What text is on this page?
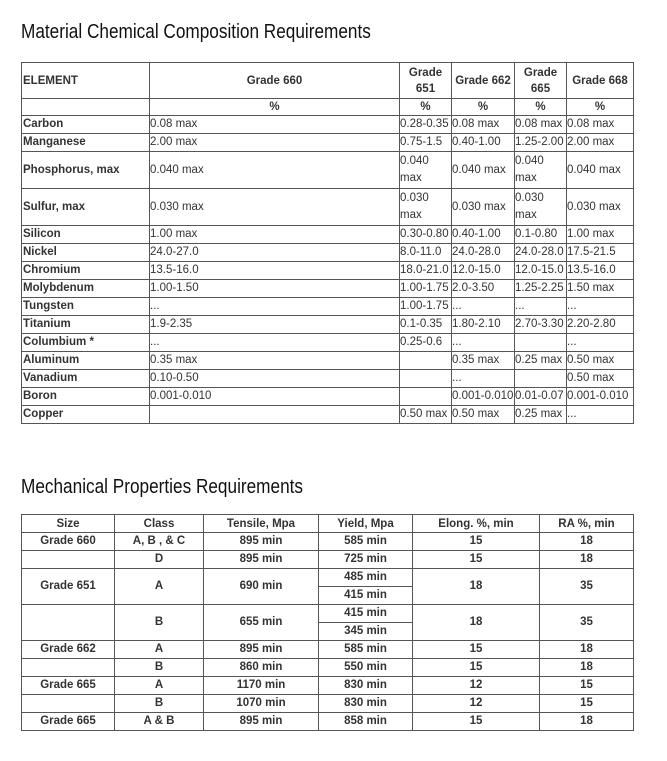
Material Chemical Composition Requirements
ELEMENT	Grade 660	Grade 651	Grade 662	Grade 665	Grade 668
	%	%	%	%	%
Carbon	0.08 max	0.28-0.35	0.08 max	0.08 max	0.08 max
Manganese	2.00 max	0.75-1.5	0.40-1.00	1.25-2.00	2.00 max
Phosphorus, max	0.040 max	0.040 max	0.040 max	0.040 max	0.040 max
Sulfur, max	0.030 max	0.030 max	0.030 max	0.030 max	0.030 max
Silicon	1.00 max	0.30-0.80	0.40-1.00	0.1-0.80	1.00 max
Nickel	24.0-27.0	8.0-11.0	24.0-28.0	24.0-28.0	17.5-21.5
Chromium	13.5-16.0	18.0-21.0	12.0-15.0	12.0-15.0	13.5-16.0
Molybdenum	1.00-1.50	1.00-1.75	2.0-3.50	1.25-2.25	1.50 max
Tungsten	...	1.00-1.75	...	...	...
Titanium	1.9-2.35	0.1-0.35	1.80-2.10	2.70-3.30	2.20-2.80
Columbium *	...	0.25-0.6	...		...
Aluminum	0.35 max		0.35 max	0.25 max	0.50 max
Vanadium	0.10-0.50		...		0.50 max
Boron	0.001-0.010		0.001-0.010	0.01-0.07	0.001-0.010
Copper		0.50 max	0.50 max	0.25 max	...
Mechanical Properties Requirements
Size	Class	Tensile, Mpa	Yield, Mpa	Elong. %, min	RA %, min
Grade 660	A, B , & C	895 min	585 min	15	18
	D	895 min	725 min	15	18
Grade 651	A	690 min	485 min	18	35
			415 min		
	B	655 min	415 min	18	35
			345 min		
Grade 662	A	895 min	585 min	15	18
	B	860 min	550 min	15	18
Grade 665	A	1170 min	830 min	12	15
	B	1070 min	830 min	12	15
Grade 665	A & B	895 min	858 min	15	18
